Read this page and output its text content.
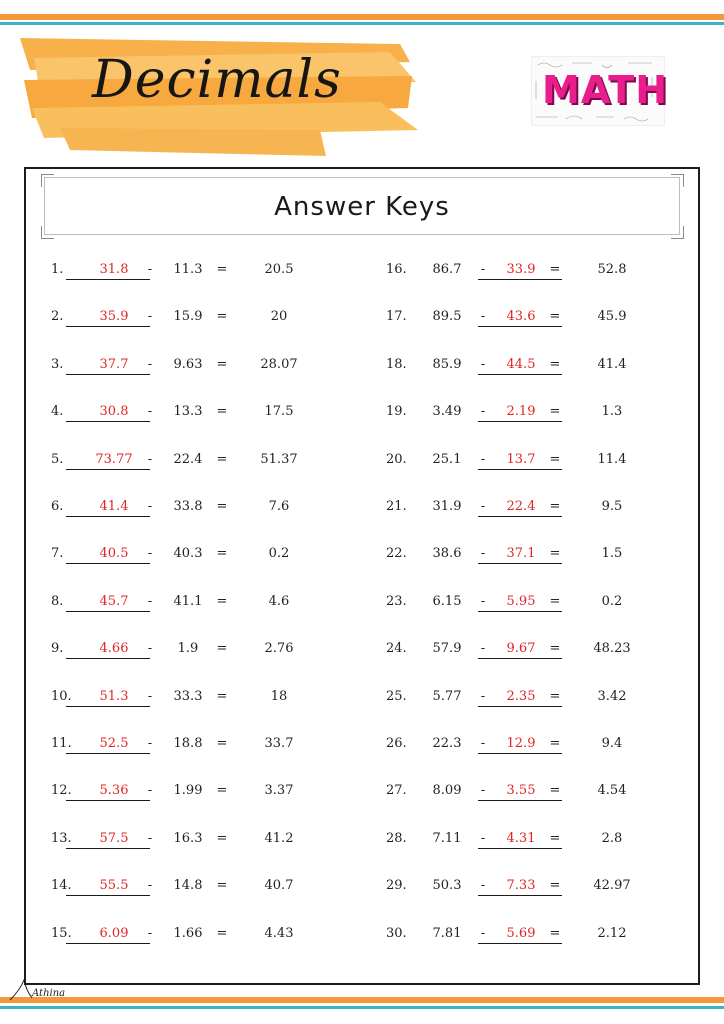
Decimals	MATH
Answer Keys
1.	31.8	-	11.3	=	20.5
2.	35.9	-	15.9	=	20
3.	37.7	-	9.63	=	28.07
4.	30.8	-	13.3	=	17.5
5.	73.77	-	22.4	=	51.37
6.	41.4	-	33.8	=	7.6
7.	40.5	-	40.3	=	0.2
8.	45.7	-	41.1	=	4.6
9.	4.66	-	1.9	=	2.76
10.	51.3	-	33.3	=	18
11.	52.5	-	18.8	=	33.7
12.	5.36	-	1.99	=	3.37
13.	57.5	-	16.3	=	41.2
14.	55.5	-	14.8	=	40.7
15.	6.09	-	1.66	=	4.43
16.	86.7	-	33.9	=	52.8
17.	89.5	-	43.6	=	45.9
18.	85.9	-	44.5	=	41.4
19.	3.49	-	2.19	=	1.3
20.	25.1	-	13.7	=	11.4
21.	31.9	-	22.4	=	9.5
22.	38.6	-	37.1	=	1.5
23.	6.15	-	5.95	=	0.2
24.	57.9	-	9.67	=	48.23
25.	5.77	-	2.35	=	3.42
26.	22.3	-	12.9	=	9.4
27.	8.09	-	3.55	=	4.54
28.	7.11	-	4.31	=	2.8
29.	50.3	-	7.33	=	42.97
30.	7.81	-	5.69	=	2.12
Athina
